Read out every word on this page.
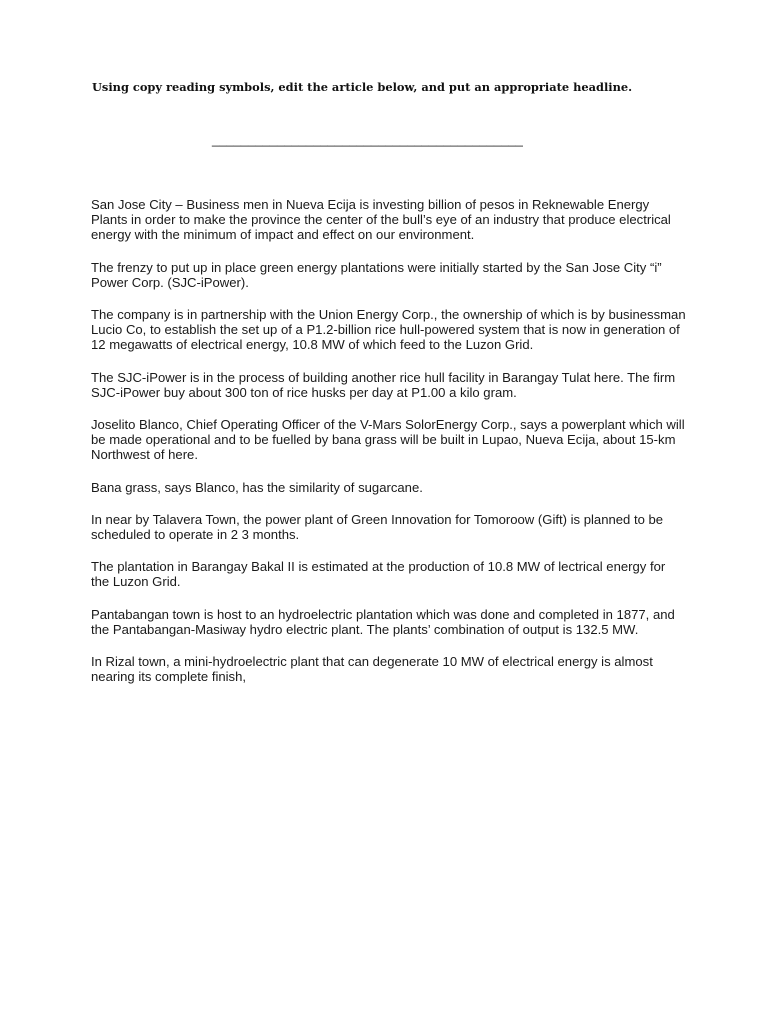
Using copy reading symbols, edit the article below, and put an appropriate headline.
___________________________________________

San Jose City – Business men in Nueva Ecija is investing billion of pesos in Reknewable Energy Plants in order to make the province the center of the bull’s eye of an industry that produce electrical energy with the minimum of impact and effect on our environment.

The frenzy to put up in place green energy plantations were initially started by the San Jose City “i” Power Corp. (SJC-iPower).

The company is in partnership with the Union Energy Corp., the ownership of which is by businessman Lucio Co, to establish the set up of a P1.2-billion rice hull-powered system that is now in generation of 12 megawatts of electrical energy, 10.8 MW of which feed to the Luzon Grid.

The SJC-iPower is in the process of building another rice hull facility in Barangay Tulat here. The firm SJC-iPower buy about 300 ton of rice husks per day at P1.00 a kilo gram.

Joselito Blanco, Chief Operating Officer of the V-Mars SolorEnergy Corp., says a powerplant which will be made operational and to be fuelled by bana grass will be built in Lupao, Nueva Ecija, about 15-km Northwest of here.

Bana grass, says Blanco, has the similarity of sugarcane.

In near by Talavera Town, the power plant of Green Innovation for Tomoroow (Gift) is planned to be scheduled to operate in 2 3 months.

The plantation in Barangay Bakal II is estimated at the production of 10.8 MW of lectrical energy for the Luzon Grid.

Pantabangan town is host to an hydroelectric plantation which was done and completed in 1877, and the Pantabangan-Masiway hydro electric plant. The plants’ combination of output is 132.5 MW.

In Rizal town, a mini-hydroelectric plant that can degenerate 10 MW of electrical energy is almost nearing its complete finish,
